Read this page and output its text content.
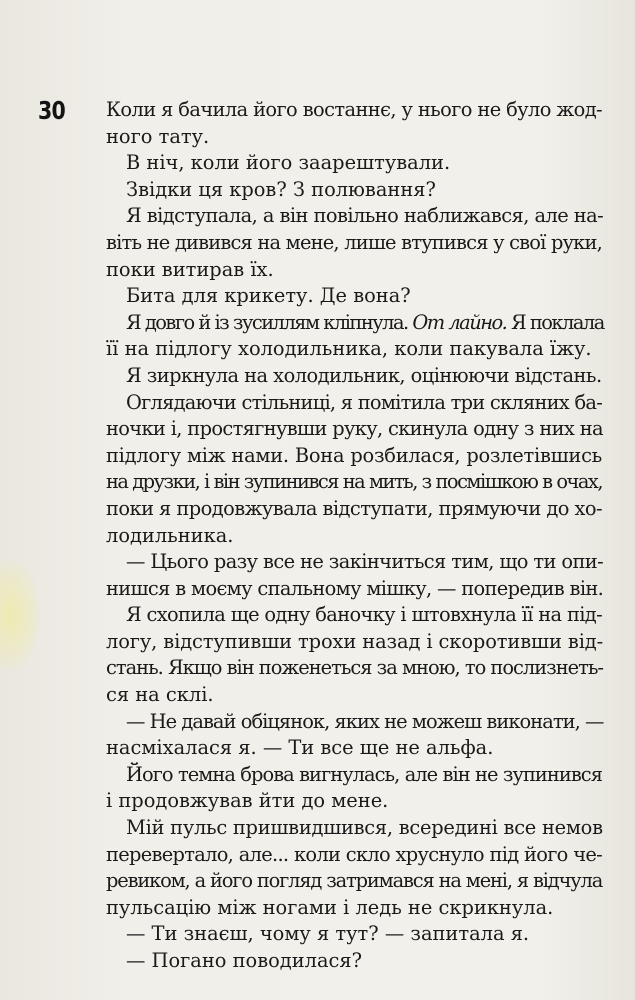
30 Коли я бачила його востаннє, у нього не було жод-
ного тату.
В ніч, коли його заарештували.
Звідки ця кров? З полювання?
Я відступала, а він повільно наближався, але на-
віть не дивився на мене, лише втупився у свої руки,
поки витирав їх.
Бита для крикету. Де вона?
Я довго й із зусиллям кліпнула. От лайно. Я поклала
її на підлогу холодильника, коли пакувала їжу.
Я зиркнула на холодильник, оцінюючи відстань.
Оглядаючи стільниці, я помітила три скляних ба-
ночки і, простягнувши руку, скинула одну з них на
підлогу між нами. Вона розбилася, розлетівшись
на друзки, і він зупинився на мить, з посмішкою в очах,
поки я продовжувала відступати, прямуючи до хо-
лодильника.
— Цього разу все не закінчиться тим, що ти опи-
нишся в моєму спальному мішку, — попередив він.
Я схопила ще одну баночку і штовхнула її на під-
логу, відступивши трохи назад і скоротивши від-
стань. Якщо він поженеться за мною, то послизнеть-
ся на склі.
— Не давай обіцянок, яких не можеш виконати, —
насміхалася я. — Ти все ще не альфа.
Його темна брова вигнулась, але він не зупинився
і продовжував йти до мене.
Мій пульс пришвидшився, всередині все немов
перевертало, але... коли скло хруснуло під його че-
ревиком, а його погляд затримався на мені, я відчула
пульсацію між ногами і ледь не скрикнула.
— Ти знаєш, чому я тут? — запитала я.
— Погано поводилася?
